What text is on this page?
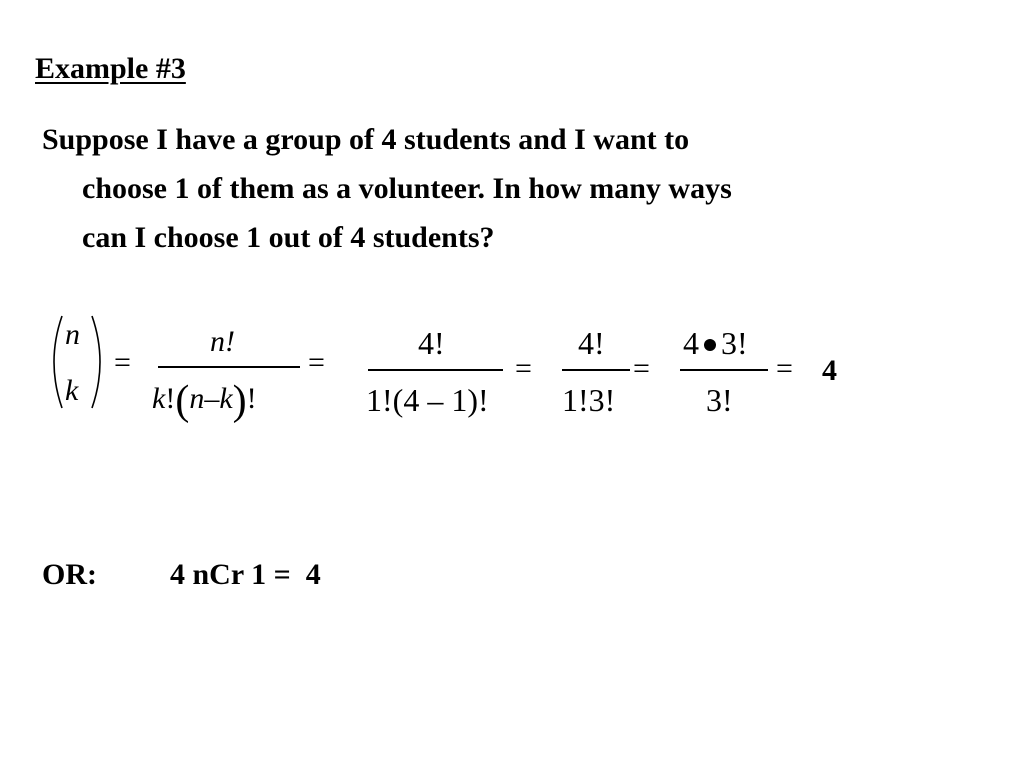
Example #3
Suppose I have a group of 4 students and I want to
choose 1 of them as a volunteer. In how many ways
can I choose 1 out of 4 students?
n
k
=
n!
k!(n–k)!
=
4!
1!(4 – 1)!
=
4!
1!3!
=
4 3!
3!
= 4
OR: 4 nCr 1 =  4
